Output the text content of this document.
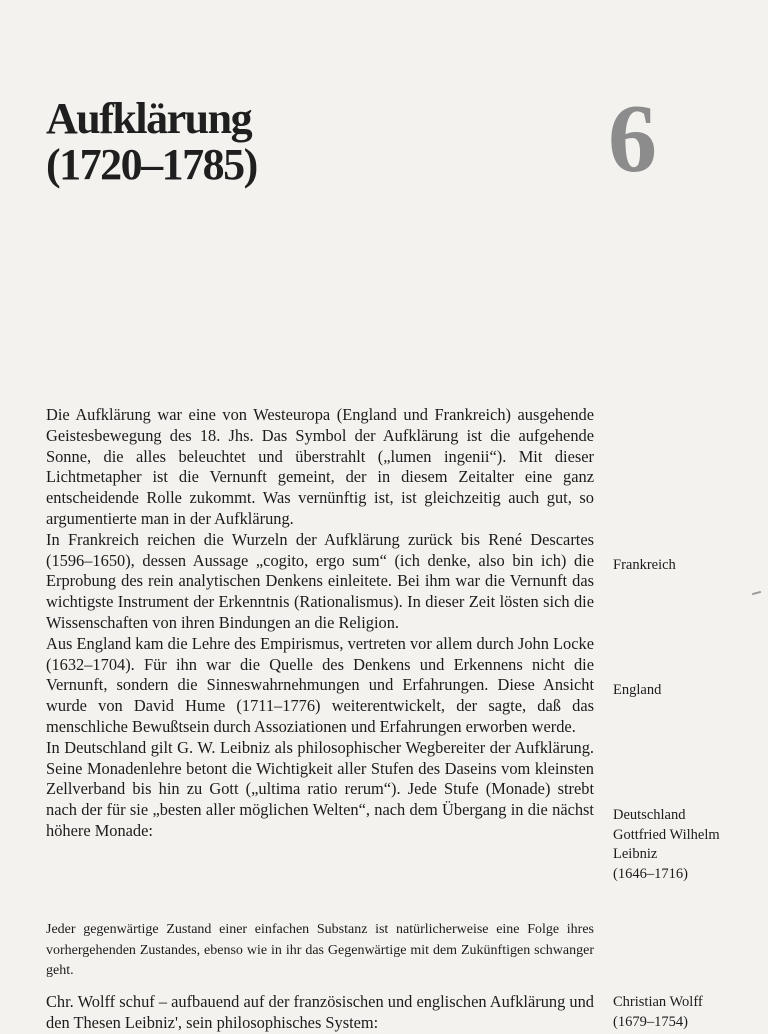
Aufklärung
(1720–1785)	6

Die Aufklärung war eine von Westeuropa (England und Frankreich) ausgehende Geistesbewegung des 18. Jhs. Das Symbol der Aufklärung ist die aufgehende Sonne, die alles beleuchtet und überstrahlt („lumen ingenii“). Mit dieser Lichtmetapher ist die Vernunft gemeint, der in diesem Zeitalter eine ganz entscheidende Rolle zukommt. Was vernünftig ist, ist gleichzeitig auch gut, so argumentierte man in der Aufklärung.

In Frankreich reichen die Wurzeln der Aufklärung zurück bis René Descartes (1596–1650), dessen Aussage „cogito, ergo sum“ (ich denke, also bin ich) die Erprobung des rein analytischen Denkens einleitete. Bei ihm war die Vernunft das wichtigste Instrument der Erkenntnis (Rationalismus). In dieser Zeit lösten sich die Wissenschaften von ihren Bindungen an die Religion.

Aus England kam die Lehre des Empirismus, vertreten vor allem durch John Locke (1632–1704). Für ihn war die Quelle des Denkens und Erkennens nicht die Vernunft, sondern die Sinneswahrnehmungen und Erfahrungen. Diese Ansicht wurde von David Hume (1711–1776) weiterentwickelt, der sagte, daß das menschliche Bewußtsein durch Assoziationen und Erfahrungen erworben werde.

In Deutschland gilt G. W. Leibniz als philosophischer Wegbereiter der Aufklärung. Seine Monadenlehre betont die Wichtigkeit aller Stufen des Daseins vom kleinsten Zellverband bis hin zu Gott („ultima ratio rerum“). Jede Stufe (Monade) strebt nach der für sie „besten aller möglichen Welten“, nach dem Übergang in die nächst höhere Monade:

Jeder gegenwärtige Zustand einer einfachen Substanz ist natürlicherweise eine Folge ihres vorhergehenden Zustandes, ebenso wie in ihr das Gegenwärtige mit dem Zukünftigen schwanger geht.
Chr. Wolff schuf – aufbauend auf der französischen und englischen Aufklärung und den Thesen Leibniz', sein philosophisches System:
Frankreich
England
Deutschland
Gottfried Wilhelm
Leibniz
(1646–1716)
Christian Wolff
(1679–1754)
